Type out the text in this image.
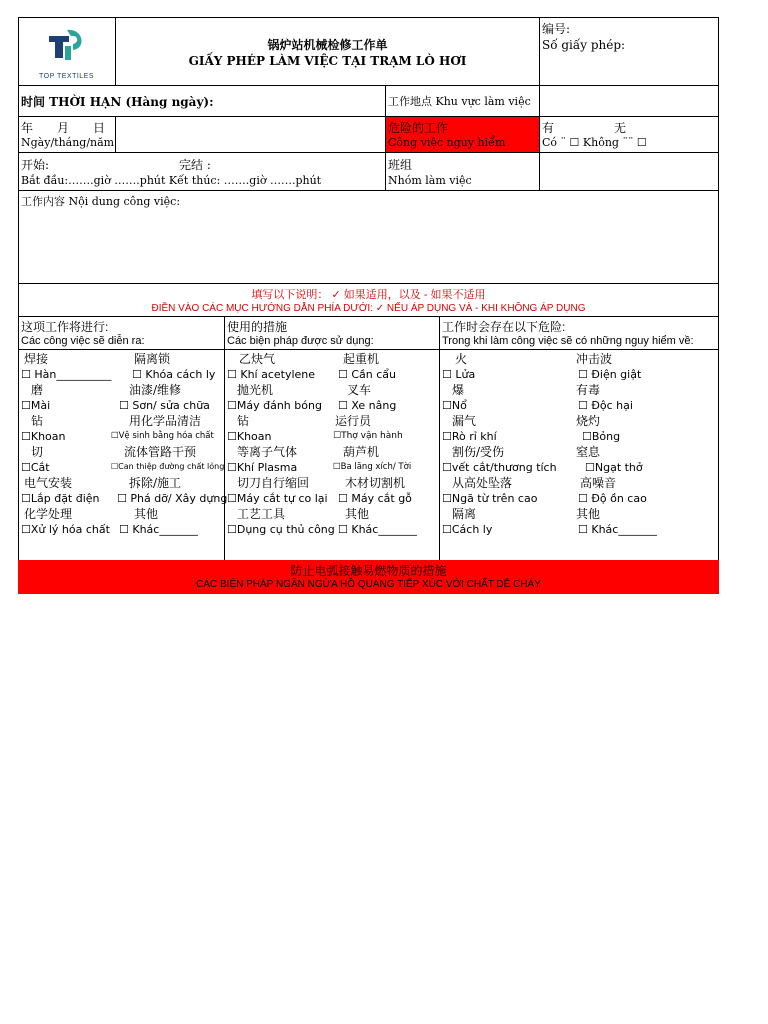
TOP TEXTILES
锅炉站机械检修工作单
GIẤY PHÉP LÀM VIỆC TẠI TRẠM LÒ HƠI
编号:
Số giấy phép:
时间 THỜI HẠN (Hàng ngày):	工作地点 Khu vực làm việc
年　　月　　日
Ngày/tháng/năm
危险的工作
Công việc nguy hiểm
有　　　　　无
Có ¨ ☐ Không ¨¨ ☐
开始:	完结 :
Bắt đầu:…….giờ …….phút Kết thúc: …….giờ …….phút
班组
Nhóm làm việc
工作内容 Nội dung công việc:
填写以下说明： ✓ 如果适用，以及 - 如果不适用
ĐIỀN VÀO CÁC MỤC HƯỚNG DẪN PHÍA DƯỚI: ✓ NẾU ÁP DỤNG VÀ - KHI KHÔNG ÁP DỤNG
这项工作将进行:
Các công việc sẽ diễn ra:
使用的措施
Các biện pháp được sử dụng:
工作时会存在以下危险:
Trong khi làm công việc sẽ có những nguy hiểm về:
焊接
☐ Hàn__________
隔离锁
☐ Khóa cách ly
磨
☐Mài
油漆/维修
☐ Sơn/ sửa chữa
钻
☐Khoan
用化学品清洁
☐Vệ sinh bằng hóa chất
切
☐Cắt
流体管路干预
☐Can thiệp đường chất lỏng
电气安装
☐Lắp đặt điện
拆除/施工
☐ Phá dỡ/ Xây dựng
化学处理
☐Xử lý hóa chất
其他
☐ Khác_______
乙炔气
☐ Khí acetylene
起重机
☐ Cần cẩu
抛光机
☐Máy đánh bóng
叉车
☐ Xe nâng
钻
☐Khoan
运行员
☐Thợ vận hành
等离子气体
☐Khí Plasma
葫芦机
☐Ba lăng xích/ Tời
切刀自行缩回
☐Máy cắt tự co lại
木材切割机
☐ Máy cắt gỗ
工艺工具
☐Dụng cụ thủ công
其他
☐ Khác_______
火
☐ Lửa
冲击波
☐ Điện giật
爆
☐Nổ
有毒
☐ Độc hại
漏气
☐Rò rỉ khí
烧灼
☐Bỏng
割伤/受伤
☐vết cắt/thương tích
窒息
☐Ngạt thở
从高处坠落
☐Ngã từ trên cao
高噪音
☐ Độ ồn cao
隔离
☐Cách ly
其他
☐ Khác_______
防止电弧接触易燃物质的措施
CÁC BIỆN PHÁP NGĂN NGỪA HỒ QUANG TIẾP XÚC VỚI CHẤT DỄ CHÁY
